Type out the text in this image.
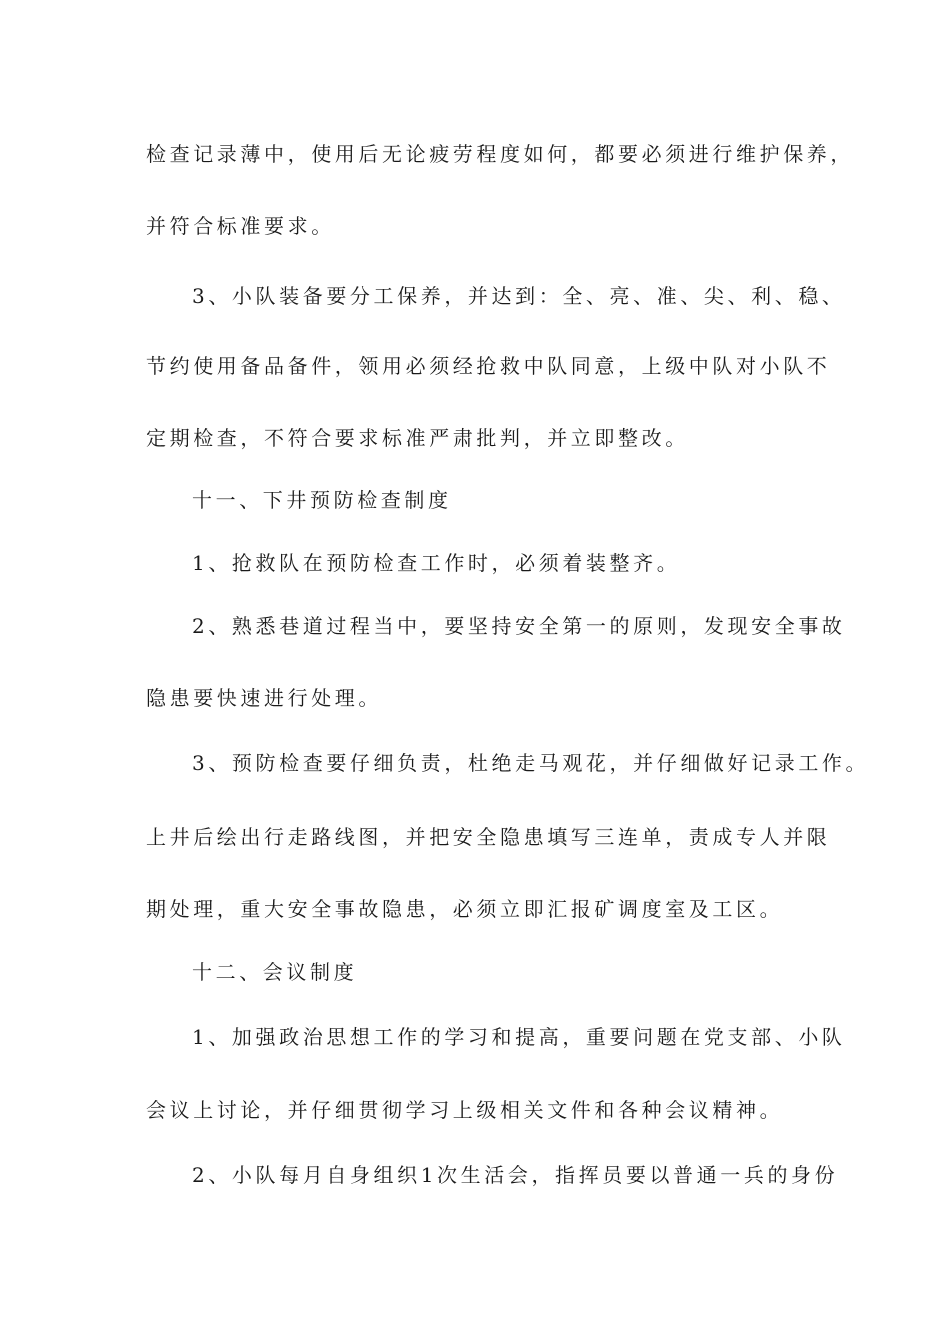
检查记录薄中，使用后无论疲劳程度如何，都要必须进行维护保养，
并符合标准要求。
3、小队装备要分工保养，并达到：全、亮、准、尖、利、稳、
节约使用备品备件，领用必须经抢救中队同意，上级中队对小队不
定期检查，不符合要求标准严肃批判，并立即整改。
十一、下井预防检查制度
1、抢救队在预防检查工作时，必须着装整齐。
2、熟悉巷道过程当中，要坚持安全第一的原则，发现安全事故
隐患要快速进行处理。
3、预防检查要仔细负责，杜绝走马观花，并仔细做好记录工作。
上井后绘出行走路线图，并把安全隐患填写三连单，责成专人并限
期处理，重大安全事故隐患，必须立即汇报矿调度室及工区。
十二、会议制度
1、加强政治思想工作的学习和提高，重要问题在党支部、小队
会议上讨论，并仔细贯彻学习上级相关文件和各种会议精神。
2、小队每月自身组织1次生活会，指挥员要以普通一兵的身份
